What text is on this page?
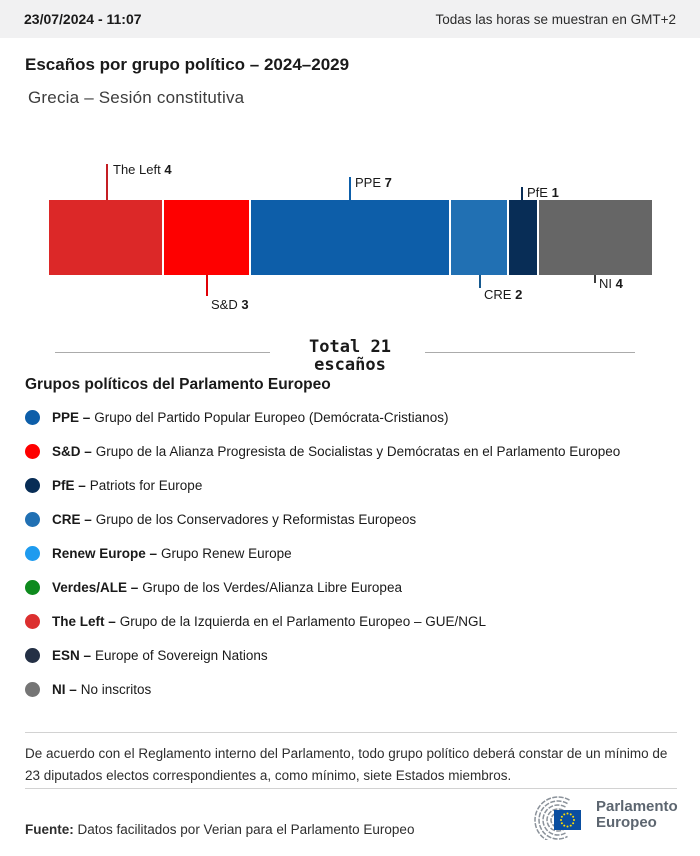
23/07/2024 - 11:07	Todas las horas se muestran en GMT+2
Escaños por grupo político – 2024–2029
Grecia – Sesión constitutiva
The Left 4
PPE 7
PfE 1
S&D 3
CRE 2
NI 4
Total 21
escaños
Grupos políticos del Parlamento Europeo
PPE – Grupo del Partido Popular Europeo (Demócrata-Cristianos)
S&D – Grupo de la Alianza Progresista de Socialistas y Demócratas en el Parlamento Europeo
PfE – Patriots for Europe
CRE – Grupo de los Conservadores y Reformistas Europeos
Renew Europe – Grupo Renew Europe
Verdes/ALE – Grupo de los Verdes/Alianza Libre Europea
The Left – Grupo de la Izquierda en el Parlamento Europeo – GUE/NGL
ESN – Europe of Sovereign Nations
NI – No inscritos
De acuerdo con el Reglamento interno del Parlamento, todo grupo político deberá constar de un mínimo de 23 diputados electos correspondientes a, como mínimo, siete Estados miembros.
Fuente: Datos facilitados por Verian para el Parlamento Europeo
Parlamento
Europeo
